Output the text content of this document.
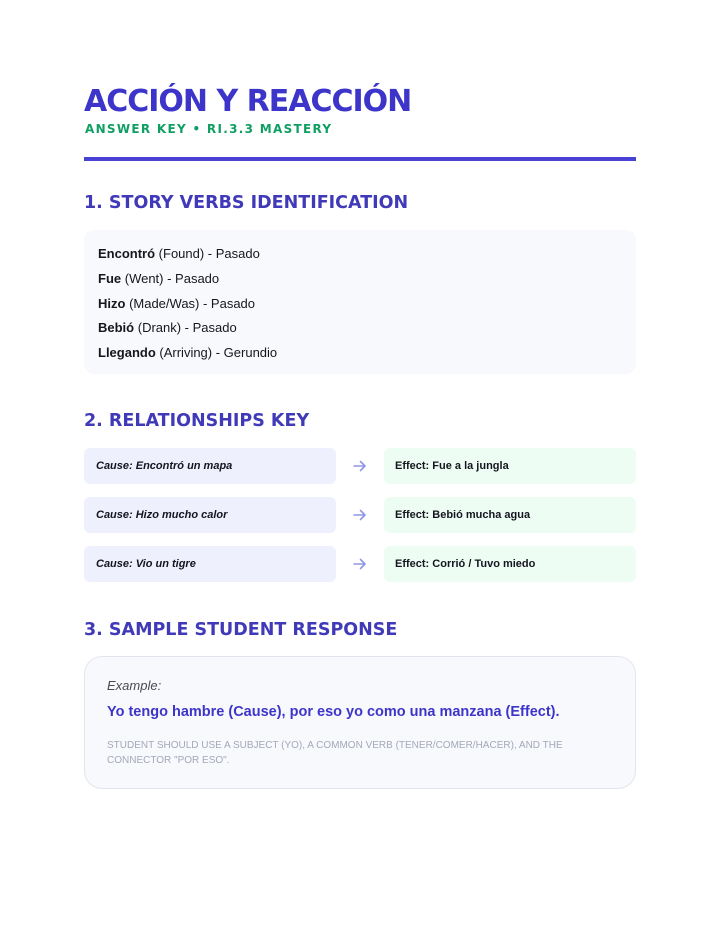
ACCIÓN Y REACCIÓN
ANSWER KEY • RI.3.3 MASTERY
1. STORY VERBS IDENTIFICATION
Encontró (Found) - Pasado
Fue (Went) - Pasado
Hizo (Made/Was) - Pasado
Bebió (Drank) - Pasado
Llegando (Arriving) - Gerundio
2. RELATIONSHIPS KEY
Cause: Encontró un mapa	Effect: Fue a la jungla
Cause: Hizo mucho calor	Effect: Bebió mucha agua
Cause: Vio un tigre	Effect: Corrió / Tuvo miedo
3. SAMPLE STUDENT RESPONSE
Example:
Yo tengo hambre (Cause), por eso yo como una manzana (Effect).
STUDENT SHOULD USE A SUBJECT (YO), A COMMON VERB (TENER/COMER/HACER), AND THE CONNECTOR "POR ESO".
